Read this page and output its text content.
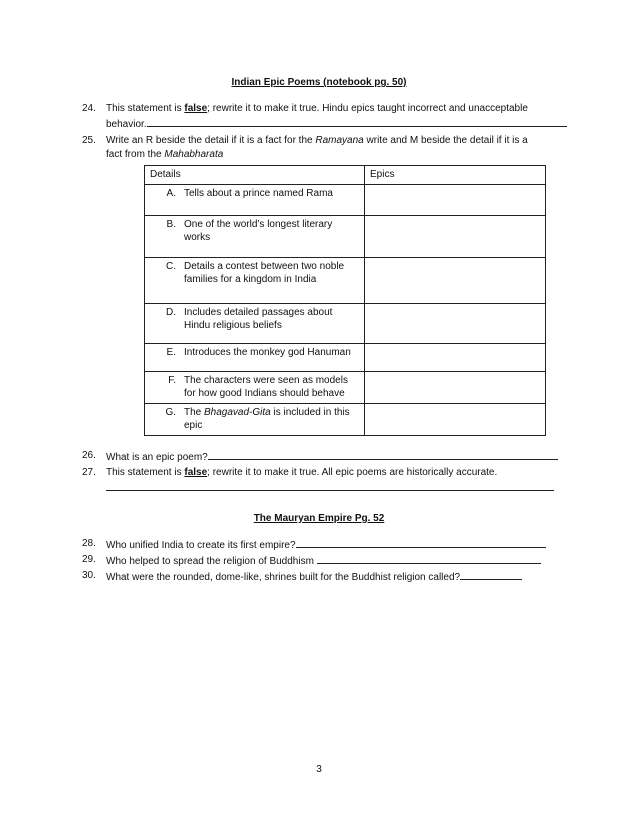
Indian Epic Poems (notebook pg. 50)
24. This statement is false; rewrite it to make it true. Hindu epics taught incorrect and unacceptable
behavior.
25. Write an R beside the detail if it is a fact for the Ramayana write and M beside the detail if it is a
fact from the Mahabharata
Details	Epics

A. Tells about a prince named Rama	

B. One of the world’s longest literary works	

C. Details a contest between two noble families for a kingdom in India	

D. Includes detailed passages about Hindu religious beliefs	

E. Introduces the monkey god Hanuman	

F. The characters were seen as models for how good Indians should behave	

G. The Bhagavad-Gita is included in this epic	

26. What is an epic poem?
27. This statement is false; rewrite it to make it true. All epic poems are historically accurate.

The Mauryan Empire Pg. 52
28. Who unified India to create its first empire?
29. Who helped to spread the religion of Buddhism
30. What were the rounded, dome-like, shrines built for the Buddhist religion called?
3
